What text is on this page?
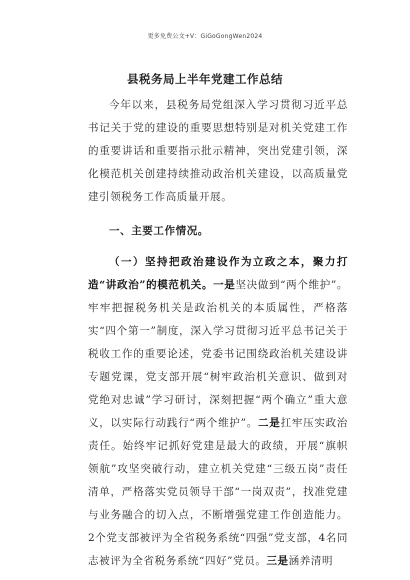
更多免费公文+V：GiGoGongWen2024
县税务局上半年党建工作总结

今年以来，县税务局党组深入学习贯彻习近平总书记关于党的建设的重要思想特别是对机关党建工作的重要讲话和重要指示批示精神，突出党建引领，深化模范机关创建持续推动政治机关建设，以高质量党建引领税务工作高质量开展。

一、主要工作情况。

（一）坚持把政治建设作为立政之本，聚力打造“讲政治”的模范机关。一是坚决做到“两个维护”。牢牢把握税务机关是政治机关的本质属性，严格落实“四个第一”制度，深入学习贯彻习近平总书记关于税收工作的重要论述，党委书记围绕政治机关建设讲专题党课，党支部开展“树牢政治机关意识、做到对党绝对忠诚”学习研讨，深刻把握“两个确立”重大意义，以实际行动践行“两个维护”。二是扛牢压实政治责任。始终牢记抓好党建是最大的政绩，开展“旗帜领航”攻坚突破行动，建立机关党建“三级五岗”责任清单，严格落实党员领导干部“一岗双责”，找准党建与业务融合的切入点，不断增强党建工作创造能力。2个党支部被评为全省税务系统“四强”党支部，4名同志被评为全省税务系统“四好”党员。三是涵养清明
